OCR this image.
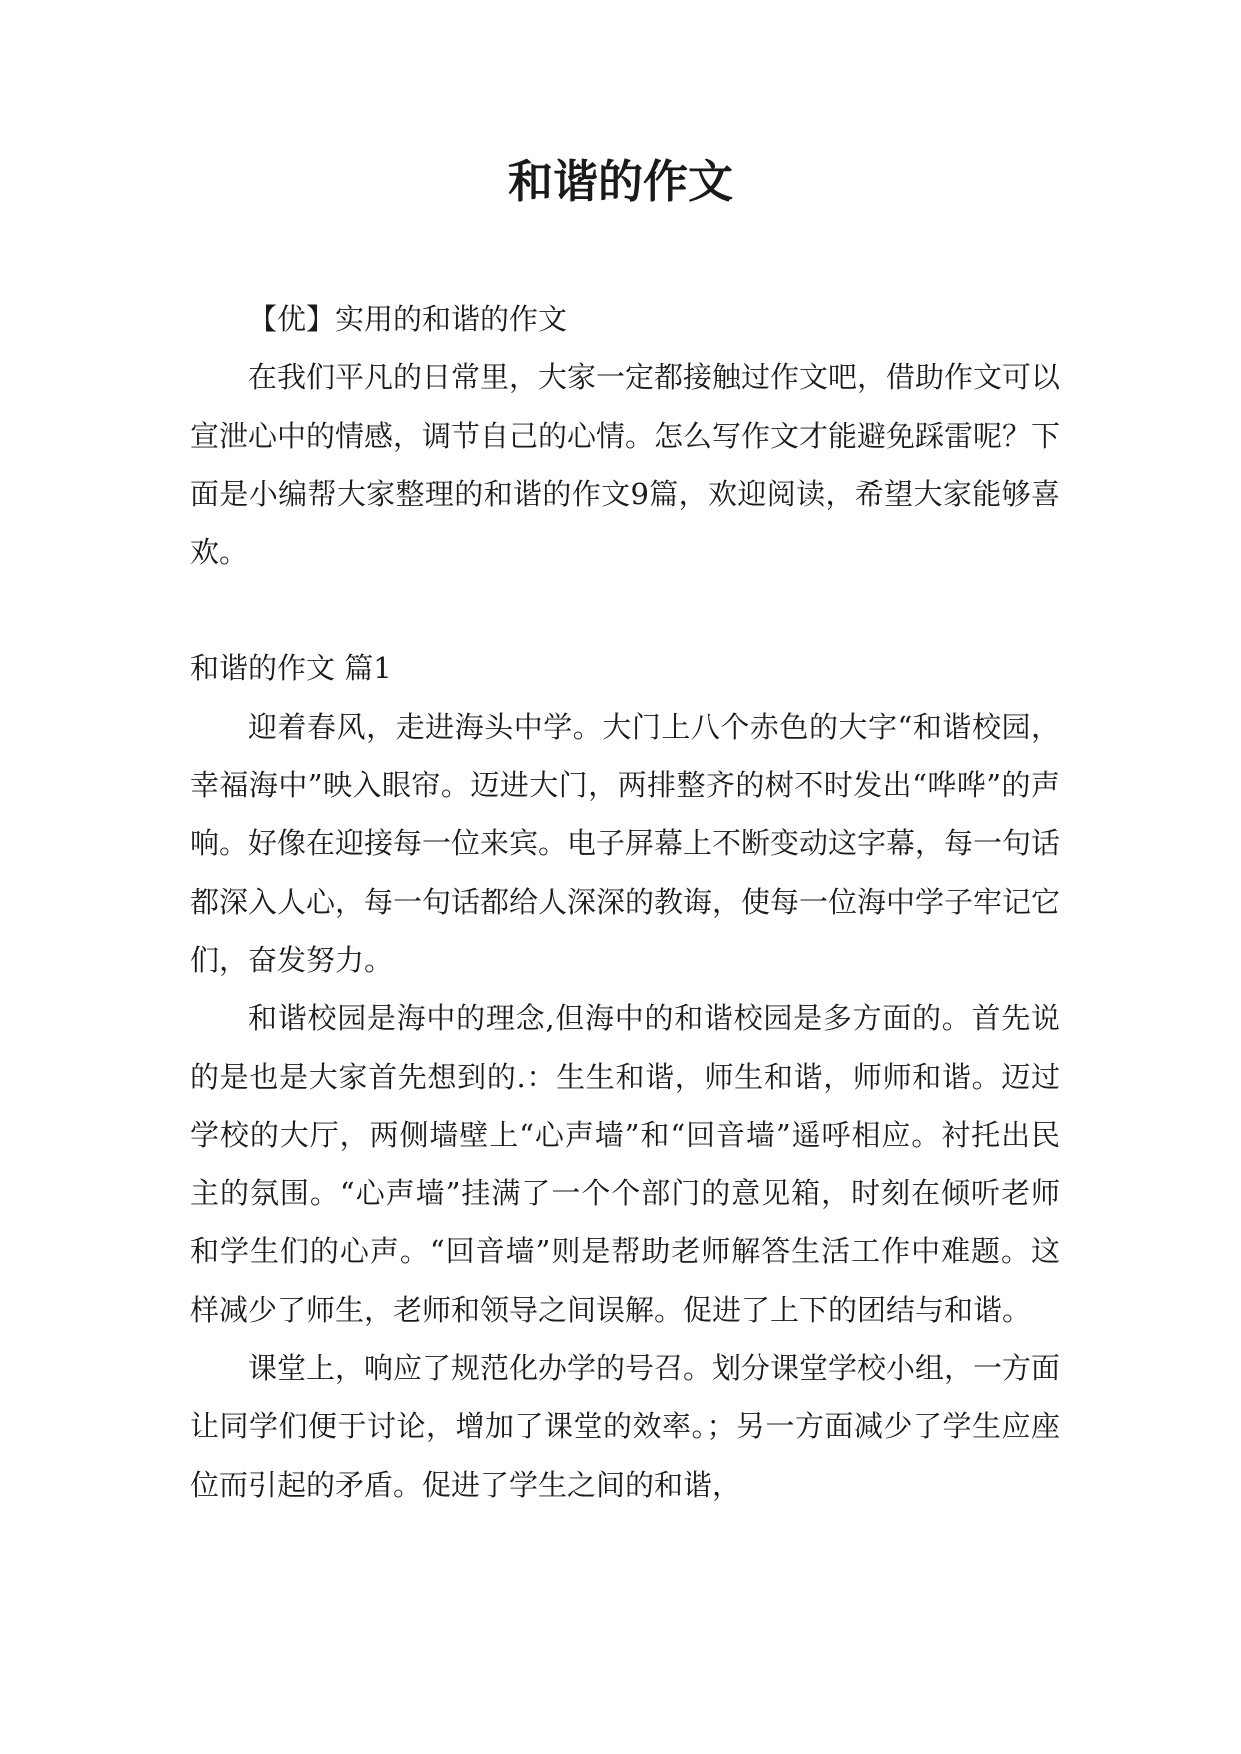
和谐的作文

【优】实用的和谐的作文

在我们平凡的日常里，大家一定都接触过作文吧，借助作文可以宣泄心中的情感，调节自己的心情。怎么写作文才能避免踩雷呢？下面是小编帮大家整理的和谐的作文9篇，欢迎阅读，希望大家能够喜欢。

和谐的作文 篇1

迎着春风，走进海头中学。大门上八个赤色的大字“和谐校园，幸福海中”映入眼帘。迈进大门，两排整齐的树不时发出“哗哗”的声响。好像在迎接每一位来宾。电子屏幕上不断变动这字幕，每一句话都深入人心，每一句话都给人深深的教诲，使每一位海中学子牢记它们，奋发努力。

和谐校园是海中的理念,但海中的和谐校园是多方面的。首先说的是也是大家首先想到的.：生生和谐，师生和谐，师师和谐。迈过学校的大厅，两侧墙壁上“心声墙”和“回音墙”遥呼相应。衬托出民主的氛围。“心声墙”挂满了一个个部门的意见箱，时刻在倾听老师和学生们的心声。“回音墙”则是帮助老师解答生活工作中难题。这样减少了师生，老师和领导之间误解。促进了上下的团结与和谐。

课堂上，响应了规范化办学的号召。划分课堂学校小组，一方面让同学们便于讨论，增加了课堂的效率。；另一方面减少了学生应座位而引起的矛盾。促进了学生之间的和谐，
